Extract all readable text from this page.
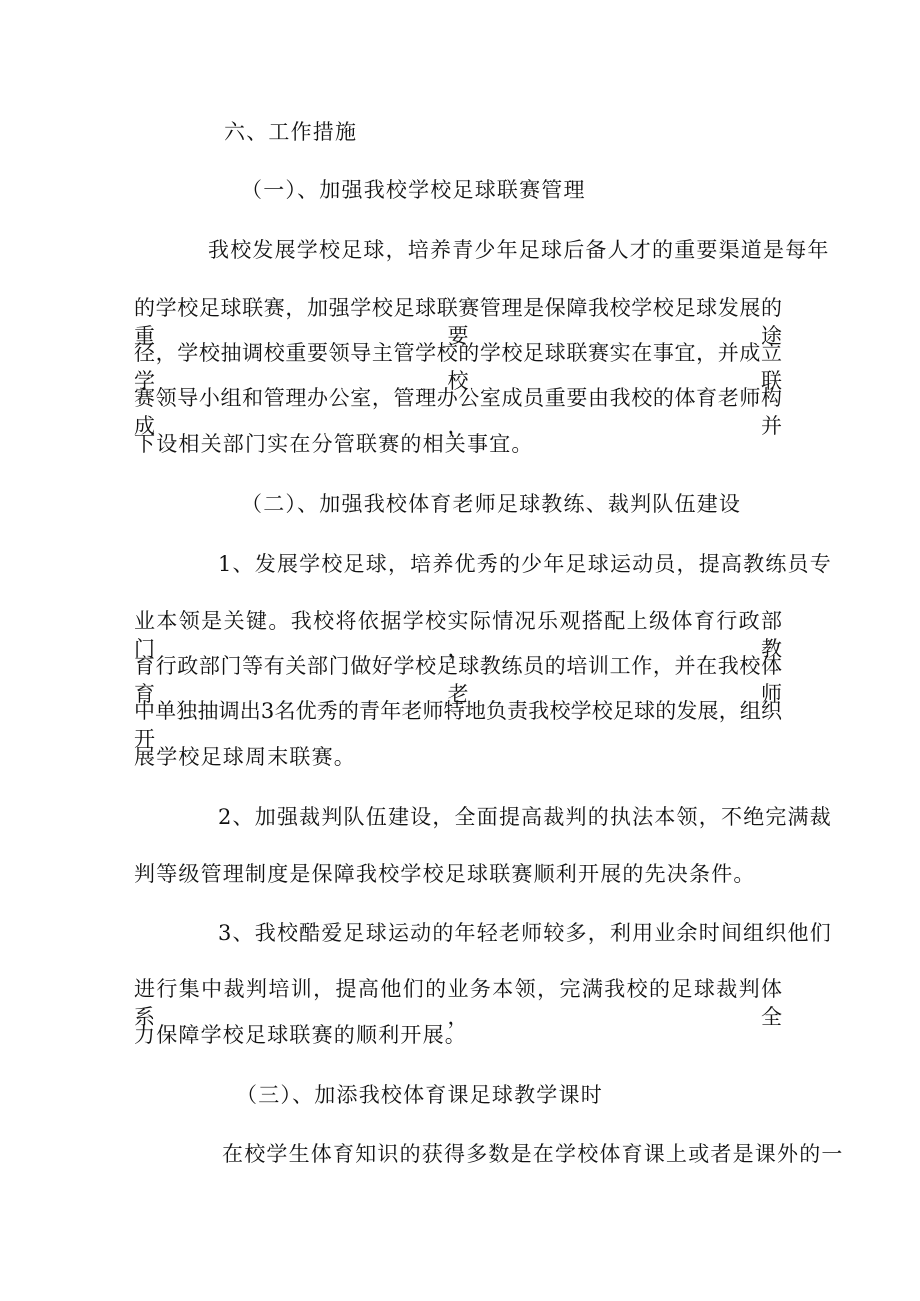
六、工作措施

（一）、加强我校学校足球联赛管理

我校发展学校足球，培养青少年足球后备人才的重要渠道是每年

的学校足球联赛，加强学校足球联赛管理是保障我校学校足球发展的重要途

径，学校抽调校重要领导主管学校的学校足球联赛实在事宜，并成立学校联

赛领导小组和管理办公室，管理办公室成员重要由我校的体育老师构成，并

下设相关部门实在分管联赛的相关事宜。

（二）、加强我校体育老师足球教练、裁判队伍建设

1、发展学校足球，培养优秀的少年足球运动员，提高教练员专

业本领是关键。我校将依据学校实际情况乐观搭配上级体育行政部门，教

育行政部门等有关部门做好学校足球教练员的培训工作，并在我校体育老师

中单独抽调出3名优秀的青年老师特地负责我校学校足球的发展，组织开

展学校足球周末联赛。

2、加强裁判队伍建设，全面提高裁判的执法本领，不绝完满裁

判等级管理制度是保障我校学校足球联赛顺利开展的先决条件。

3、我校酷爱足球运动的年轻老师较多，利用业余时间组织他们

进行集中裁判培训，提高他们的业务本领，完满我校的足球裁判体系，全

力保障学校足球联赛的顺利开展。

（三）、加添我校体育课足球教学课时

在校学生体育知识的获得多数是在学校体育课上或者是课外的一
